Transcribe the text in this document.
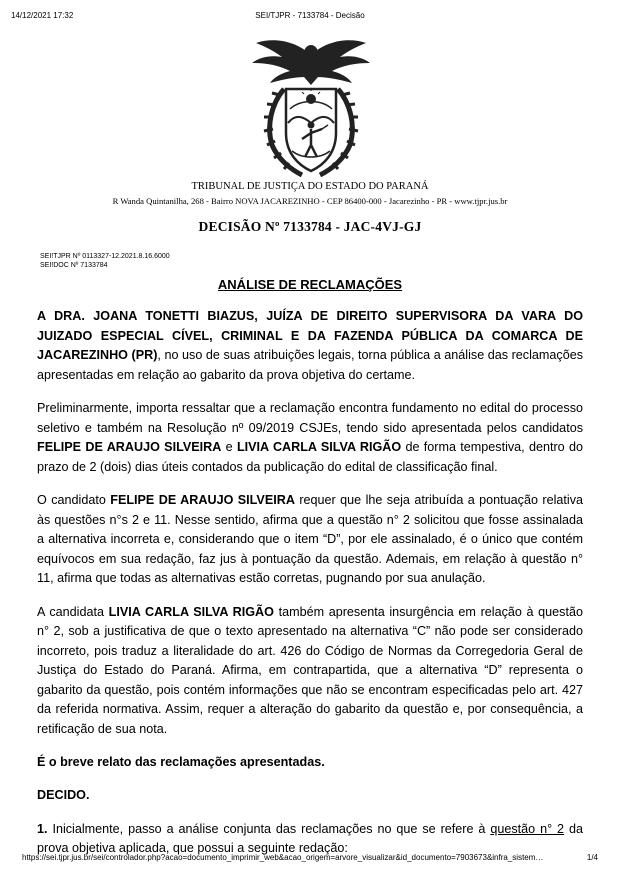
14/12/2021 17:32	SEI/TJPR - 7133784 - Decisão
TRIBUNAL DE JUSTIÇA DO ESTADO DO PARANÁ
R Wanda Quintanilha, 268 - Bairro NOVA JACAREZINHO - CEP 86400-000 - Jacarezinho - PR - www.tjpr.jus.br
DECISÃO Nº 7133784 - JAC-4VJ-GJ
SEI!TJPR Nº 0113327-12.2021.8.16.6000
SEI!DOC Nº 7133784
ANÁLISE DE RECLAMAÇÕES

A DRA. JOANA TONETTI BIAZUS, JUÍZA DE DIREITO SUPERVISORA DA VARA DO JUIZADO ESPECIAL CÍVEL, CRIMINAL E DA FAZENDA PÚBLICA DA COMARCA DE JACAREZINHO (PR), no uso de suas atribuições legais, torna pública a análise das reclamações apresentadas em relação ao gabarito da prova objetiva do certame.

Preliminarmente, importa ressaltar que a reclamação encontra fundamento no edital do processo seletivo e também na Resolução nº 09/2019 CSJEs, tendo sido apresentada pelos candidatos FELIPE DE ARAUJO SILVEIRA e LIVIA CARLA SILVA RIGÃO de forma tempestiva, dentro do prazo de 2 (dois) dias úteis contados da publicação do edital de classificação final.

O candidato FELIPE DE ARAUJO SILVEIRA requer que lhe seja atribuída a pontuação relativa às questões n°s 2 e 11. Nesse sentido, afirma que a questão n° 2 solicitou que fosse assinalada a alternativa incorreta e, considerando que o item “D”, por ele assinalado, é o único que contém equívocos em sua redação, faz jus à pontuação da questão. Ademais, em relação à questão n° 11, afirma que todas as alternativas estão corretas, pugnando por sua anulação.

A candidata LIVIA CARLA SILVA RIGÃO também apresenta insurgência em relação à questão n° 2, sob a justificativa de que o texto apresentado na alternativa “C” não pode ser considerado incorreto, pois traduz a literalidade do art. 426 do Código de Normas da Corregedoria Geral de Justiça do Estado do Paraná. Afirma, em contrapartida, que a alternativa “D” representa o gabarito da questão, pois contém informações que não se encontram especificadas pelo art. 427 da referida normativa. Assim, requer a alteração do gabarito da questão e, por consequência, a retificação de sua nota.

É o breve relato das reclamações apresentadas.

DECIDO.

1. Inicialmente, passo a análise conjunta das reclamações no que se refere à questão n° 2 da prova objetiva aplicada, que possui a seguinte redação:

https://sei.tjpr.jus.br/sei/controlador.php?acao=documento_imprimir_web&acao_origem=arvore_visualizar&id_documento=7903673&infra_sistem…	1/4
